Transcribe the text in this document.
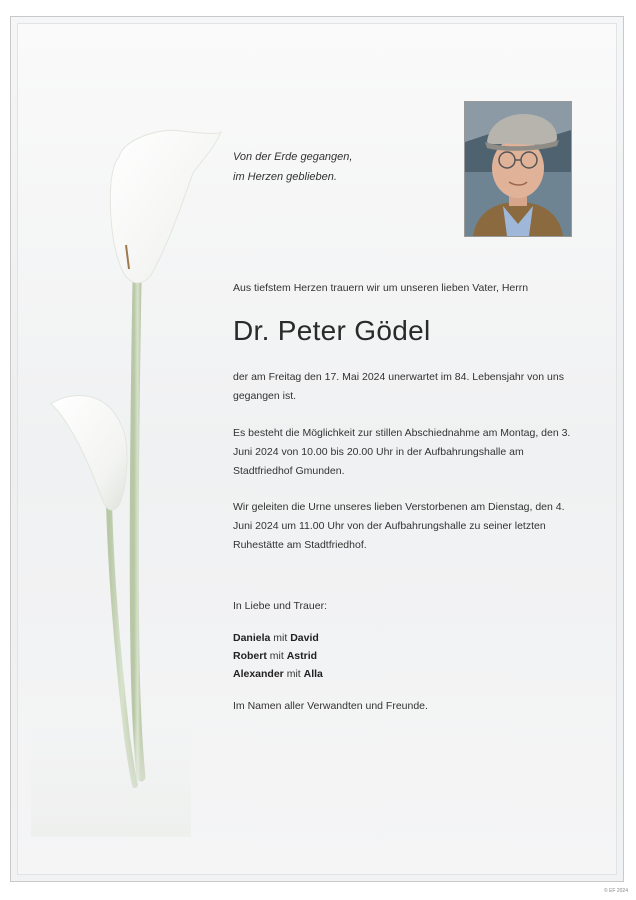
Von der Erde gegangen,
im Herzen geblieben.
Aus tiefstem Herzen trauern wir um unseren lieben Vater, Herrn
Dr. Peter Gödel
der am Freitag den 17. Mai 2024 unerwartet im 84. Lebensjahr von uns gegangen ist.
Es besteht die Möglichkeit zur stillen Abschiednahme am Montag, den 3. Juni 2024 von 10.00 bis 20.00 Uhr in der Aufbahrungshalle am Stadtfriedhof Gmunden.
Wir geleiten die Urne unseres lieben Verstorbenen am Dienstag, den 4. Juni 2024 um 11.00 Uhr von der Aufbahrungshalle zu seiner letzten Ruhestätte am Stadtfriedhof.
In Liebe und Trauer:
Daniela mit David
Robert mit Astrid
Alexander mit Alla
Im Namen aller Verwandten und Freunde.
© EF 2024
